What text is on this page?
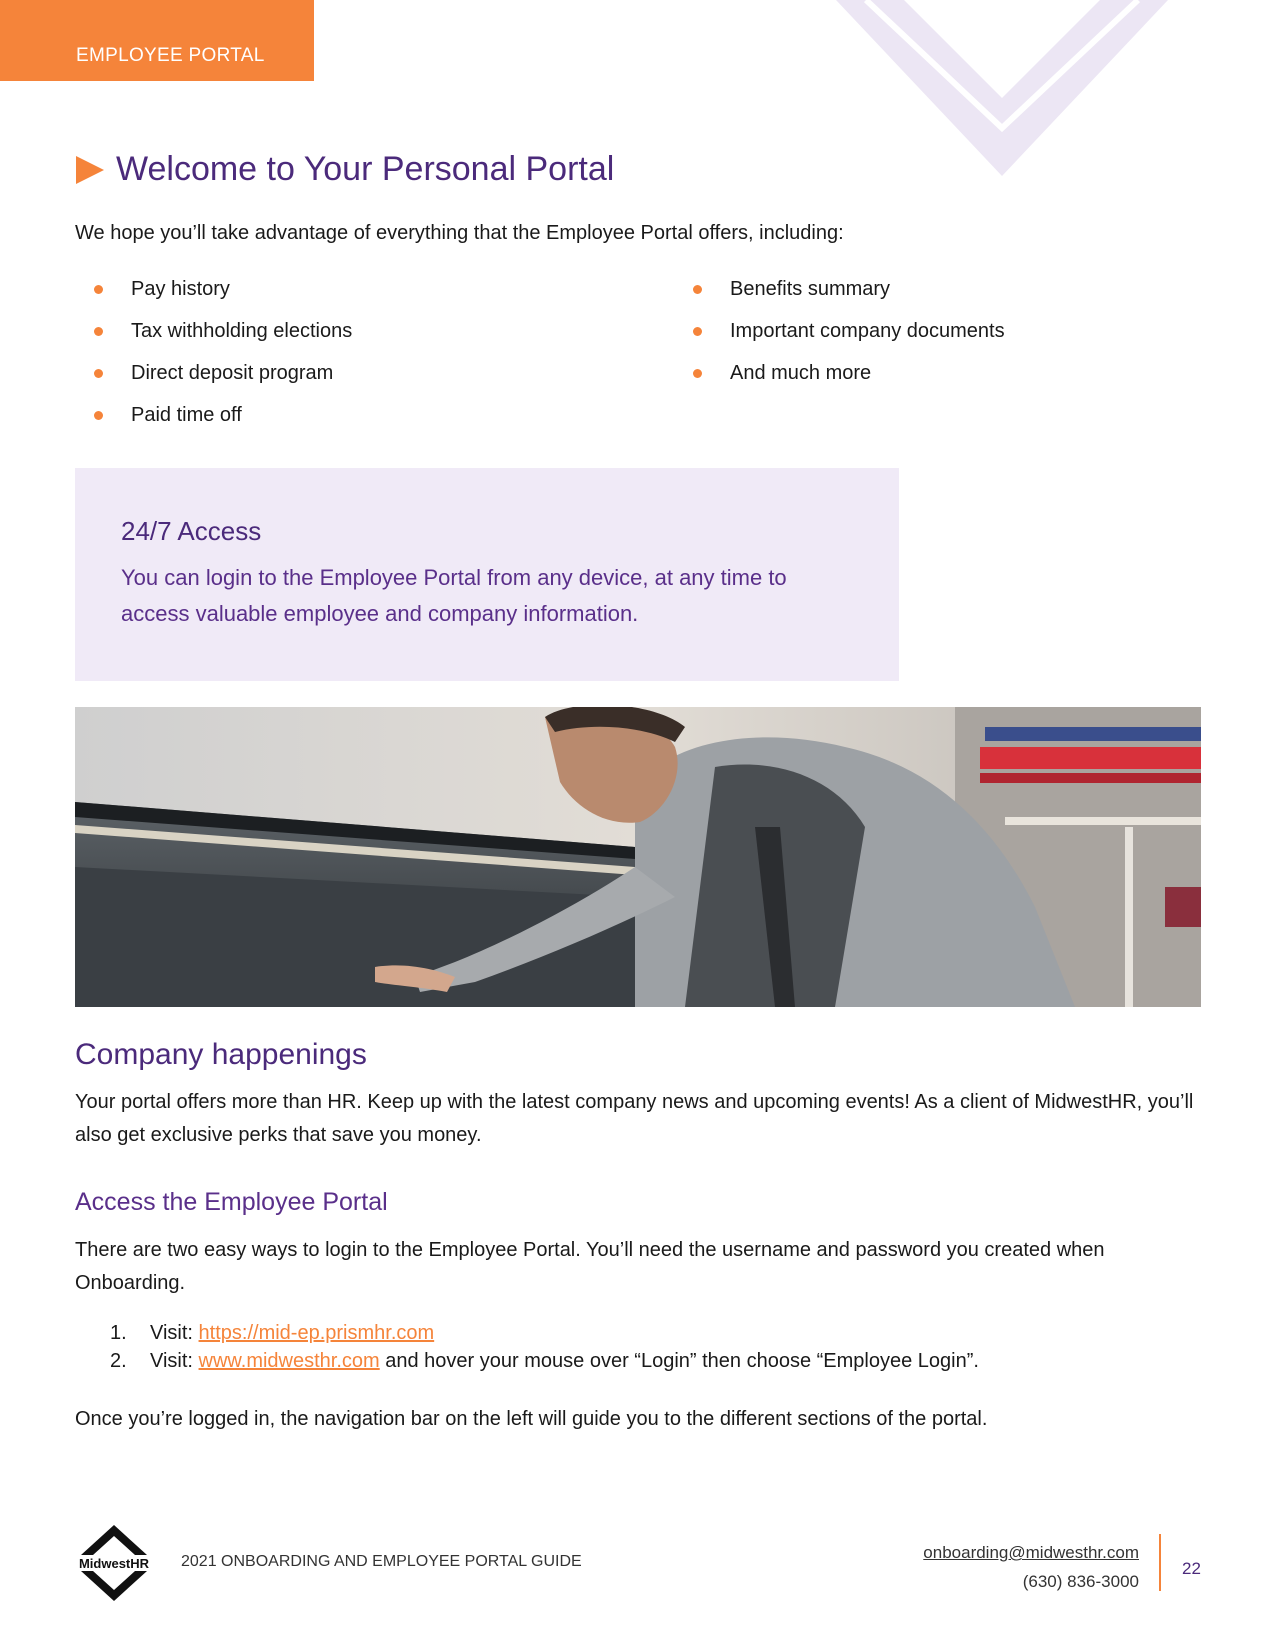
EMPLOYEE PORTAL
Welcome to Your Personal Portal

We hope you’ll take advantage of everything that the Employee Portal offers, including:

Pay history
Tax withholding elections
Direct deposit program
Paid time off
Benefits summary
Important company documents
And much more
24/7 Access

You can login to the Employee Portal from any device, at any time to access valuable employee and company information.

Company happenings

Your portal offers more than HR. Keep up with the latest company news and upcoming events! As a client of MidwestHR, you’ll also get exclusive perks that save you money.

Access the Employee Portal

There are two easy ways to login to the Employee Portal. You’ll need the username and password you created when Onboarding.

1. Visit: https://mid-ep.prismhr.com
2. Visit: www.midwesthr.com and hover your mouse over “Login” then choose “Employee Login”.

Once you’re logged in, the navigation bar on the left will guide you to the different sections of the portal.

MidwestHR 2021 ONBOARDING AND EMPLOYEE PORTAL GUIDE	onboarding@midwesthr.com

(630) 836-3000

22
